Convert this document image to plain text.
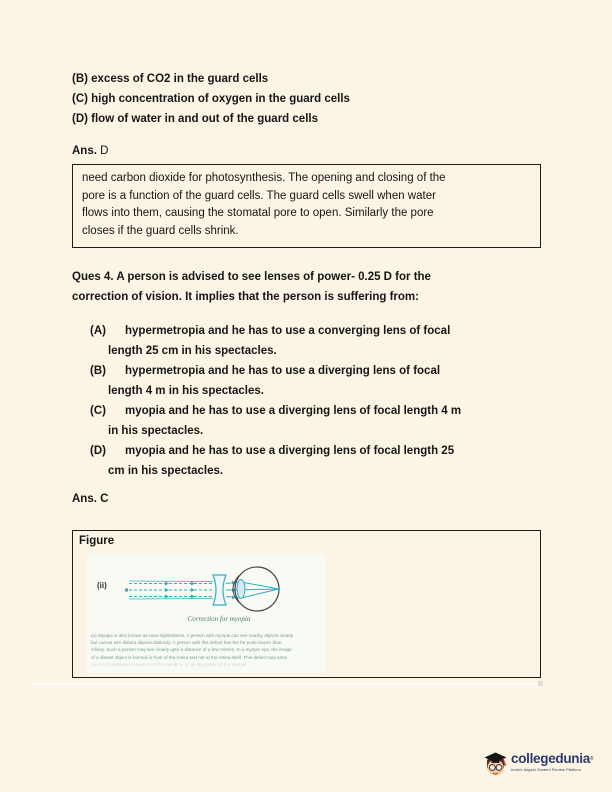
(B) excess of CO2 in the guard cells
(C) high concentration of oxygen in the guard cells
(D) flow of water in and out of the guard cells
Ans. D
need carbon dioxide for photosynthesis. The opening and closing of the
pore is a function of the guard cells. The guard cells swell when water
flows into them, causing the stomatal pore to open. Similarly the pore
closes if the guard cells shrink.
Ques 4. A person is advised to see lenses of power- 0.25 D for the
correction of vision. It implies that the person is suffering from:
(A) hypermetropia and he has to use a converging lens of focal
length 25 cm in his spectacles.
(B) hypermetropia and he has to use a diverging lens of focal
length 4 m in his spectacles.
(C) myopia and he has to use a diverging lens of focal length 4 m
in his spectacles.
(D) myopia and he has to use a diverging lens of focal length 25
cm in his spectacles.
Ans. C
Figure
(ii)
Correction for myopia
(a) Myopia is also known as near-sightedness. A person with myopia can see nearby objects clearly
but cannot see distant objects distinctly. A person with this defect has the far point nearer than
infinity. Such a person may see clearly upto a distance of a few metres. In a myopic eye, the image
of a distant object is formed in front of the retina and not at the retina itself. This defect may arise
due to (i) excessive curvature of the eye lens, or (ii) elongation of the eyeball.
collegedunia®
India's largest Student Review Platform
